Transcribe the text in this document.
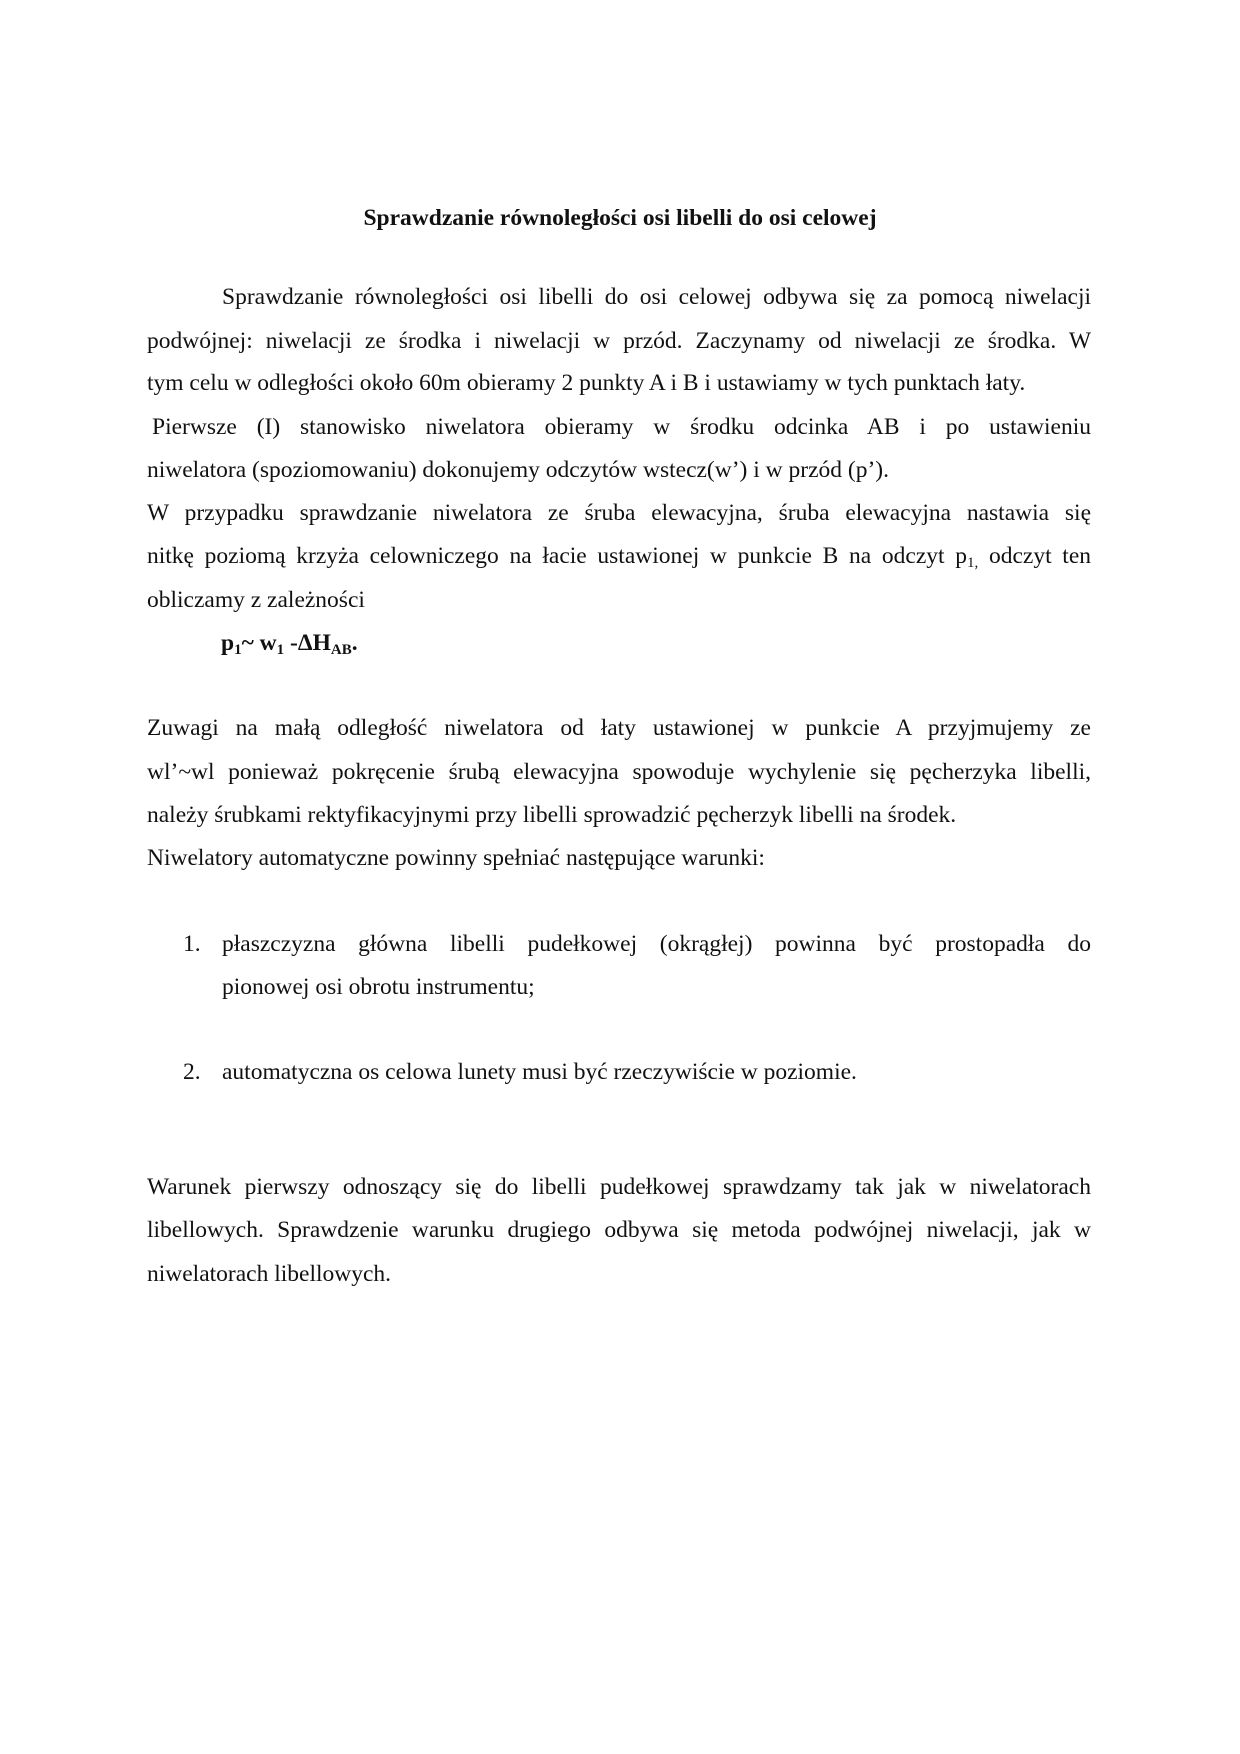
Sprawdzanie równoległości osi libelli do osi celowej
Sprawdzanie równoległości osi libelli do osi celowej odbywa się za pomocą niwelacji
podwójnej: niwelacji ze środka i niwelacji w przód. Zaczynamy od niwelacji ze środka. W
tym celu w odległości około 60m obieramy 2 punkty A i B i ustawiamy w tych punktach łaty.
Pierwsze (I) stanowisko niwelatora obieramy w środku odcinka AB i po ustawieniu
niwelatora (spoziomowaniu) dokonujemy odczytów wstecz(w’) i w przód (p’).
W przypadku sprawdzanie niwelatora ze śruba elewacyjna, śruba elewacyjna nastawia się
nitkę poziomą krzyża celowniczego na łacie ustawionej w punkcie B na odczyt $p_{1,}$ odczyt ten
obliczamy z zależności
$p_1\sim$ $w_1$ $-\Delta H_{AB}$.
Zuwagi na małą odległość niwelatora od łaty ustawionej w punkcie A przyjmujemy ze
wl’~wl ponieważ pokręcenie śrubą elewacyjna spowoduje wychylenie się pęcherzyka libelli,
należy śrubkami rektyfikacyjnymi przy libelli sprowadzić pęcherzyk libelli na środek.
Niwelatory automatyczne powinny spełniać następujące warunki:
1. płaszczyzna główna libelli pudełkowej (okrągłej) powinna być prostopadła do
pionowej osi obrotu instrumentu;
2. automatyczna os celowa lunety musi być rzeczywiście w poziomie.
Warunek pierwszy odnoszący się do libelli pudełkowej sprawdzamy tak jak w niwelatorach
libellowych. Sprawdzenie warunku drugiego odbywa się metoda podwójnej niwelacji, jak w
niwelatorach libellowych.
